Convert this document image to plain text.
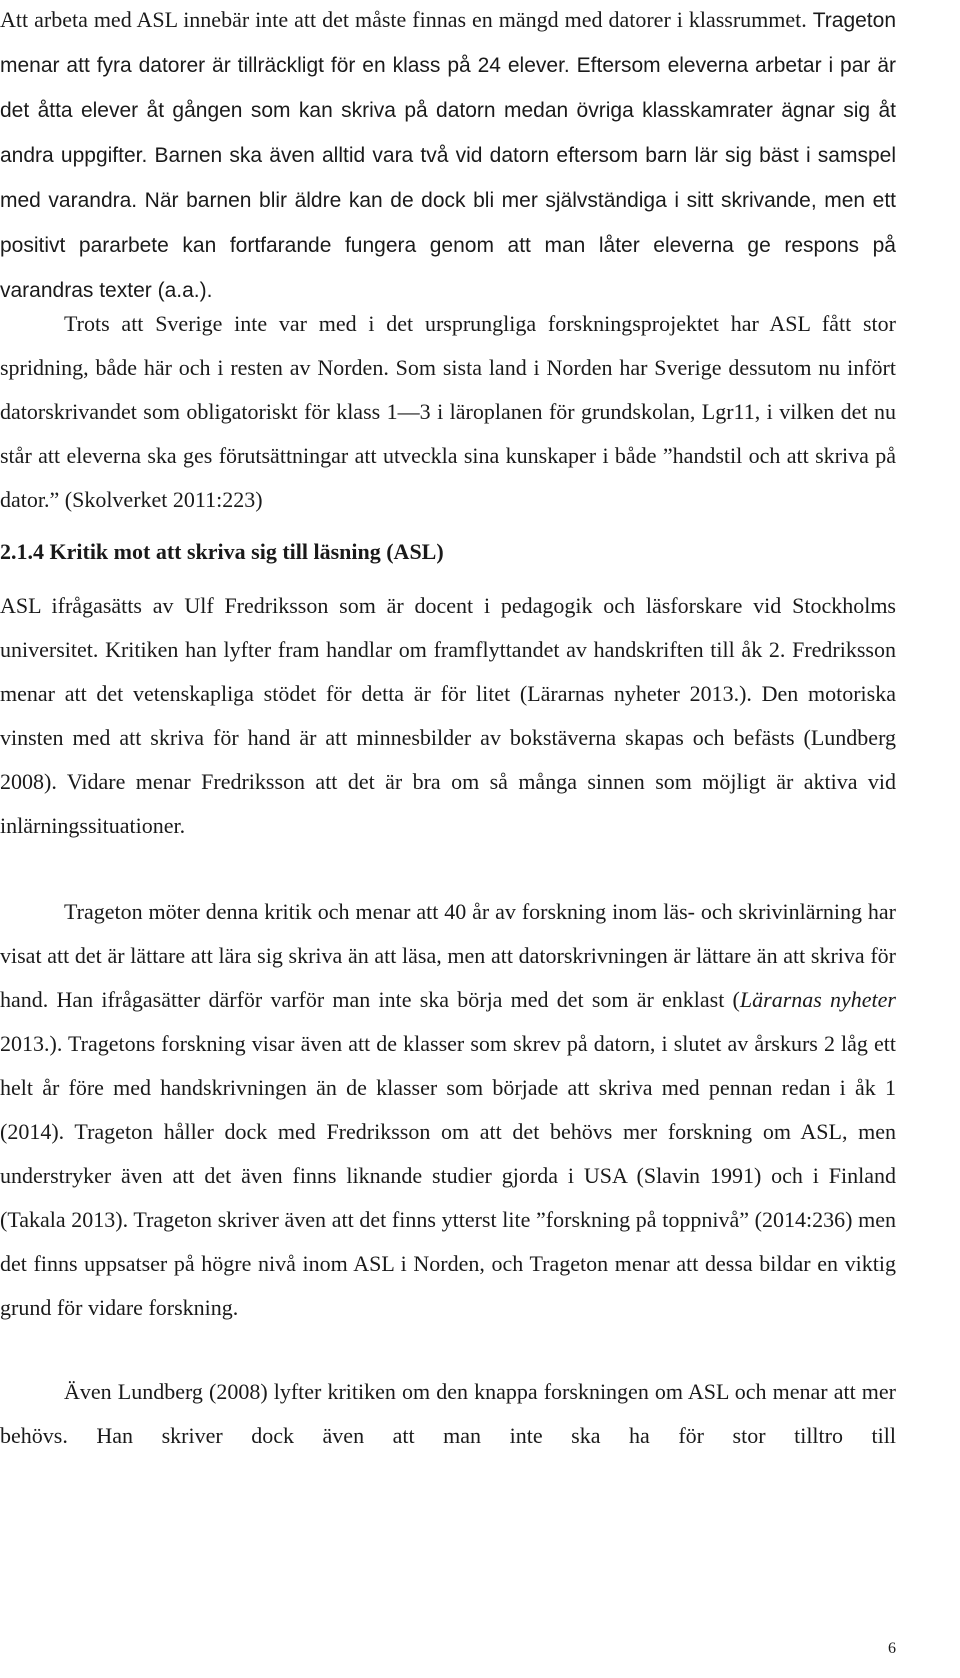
Att arbeta med ASL innebär inte att det måste finnas en mängd med datorer i klassrummet. Trageton menar att fyra datorer är tillräckligt för en klass på 24 elever. Eftersom eleverna arbetar i par är det åtta elever åt gången som kan skriva på datorn medan övriga klasskamrater ägnar sig åt andra uppgifter. Barnen ska även alltid vara två vid datorn eftersom barn lär sig bäst i samspel med varandra. När barnen blir äldre kan de dock bli mer självständiga i sitt skrivande, men ett positivt pararbete kan fortfarande fungera genom att man låter eleverna ge respons på varandras texter (a.a.).

Trots att Sverige inte var med i det ursprungliga forskningsprojektet har ASL fått stor spridning, både här och i resten av Norden. Som sista land i Norden har Sverige dessutom nu infört datorskrivandet som obligatoriskt för klass 1—3 i läroplanen för grundskolan, Lgr11, i vilken det nu står att eleverna ska ges förutsättningar att utveckla sina kunskaper i både ”handstil och att skriva på dator.” (Skolverket 2011:223)

2.1.4 Kritik mot att skriva sig till läsning (ASL)

ASL ifrågasätts av Ulf Fredriksson som är docent i pedagogik och läsforskare vid Stockholms universitet. Kritiken han lyfter fram handlar om framflyttandet av handskriften till åk 2. Fredriksson menar att det vetenskapliga stödet för detta är för litet (Lärarnas nyheter 2013.). Den motoriska vinsten med att skriva för hand är att minnesbilder av bokstäverna skapas och befästs (Lundberg 2008). Vidare menar Fredriksson att det är bra om så många sinnen som möjligt är aktiva vid inlärningssituationer.

Trageton möter denna kritik och menar att 40 år av forskning inom läs- och skrivinlärning har visat att det är lättare att lära sig skriva än att läsa, men att datorskrivningen är lättare än att skriva för hand. Han ifrågasätter därför varför man inte ska börja med det som är enklast (Lärarnas nyheter 2013.). Tragetons forskning visar även att de klasser som skrev på datorn, i slutet av årskurs 2 låg ett helt år före med handskrivningen än de klasser som började att skriva med pennan redan i åk 1 (2014). Trageton håller dock med Fredriksson om att det behövs mer forskning om ASL, men understryker även att det även finns liknande studier gjorda i USA (Slavin 1991) och i Finland (Takala 2013). Trageton skriver även att det finns ytterst lite ”forskning på toppnivå” (2014:236) men det finns uppsatser på högre nivå inom ASL i Norden, och Trageton menar att dessa bildar en viktig grund för vidare forskning.

Även Lundberg (2008) lyfter kritiken om den knappa forskningen om ASL och menar att mer behövs. Han skriver dock även att man inte ska ha för stor tilltro till

6
